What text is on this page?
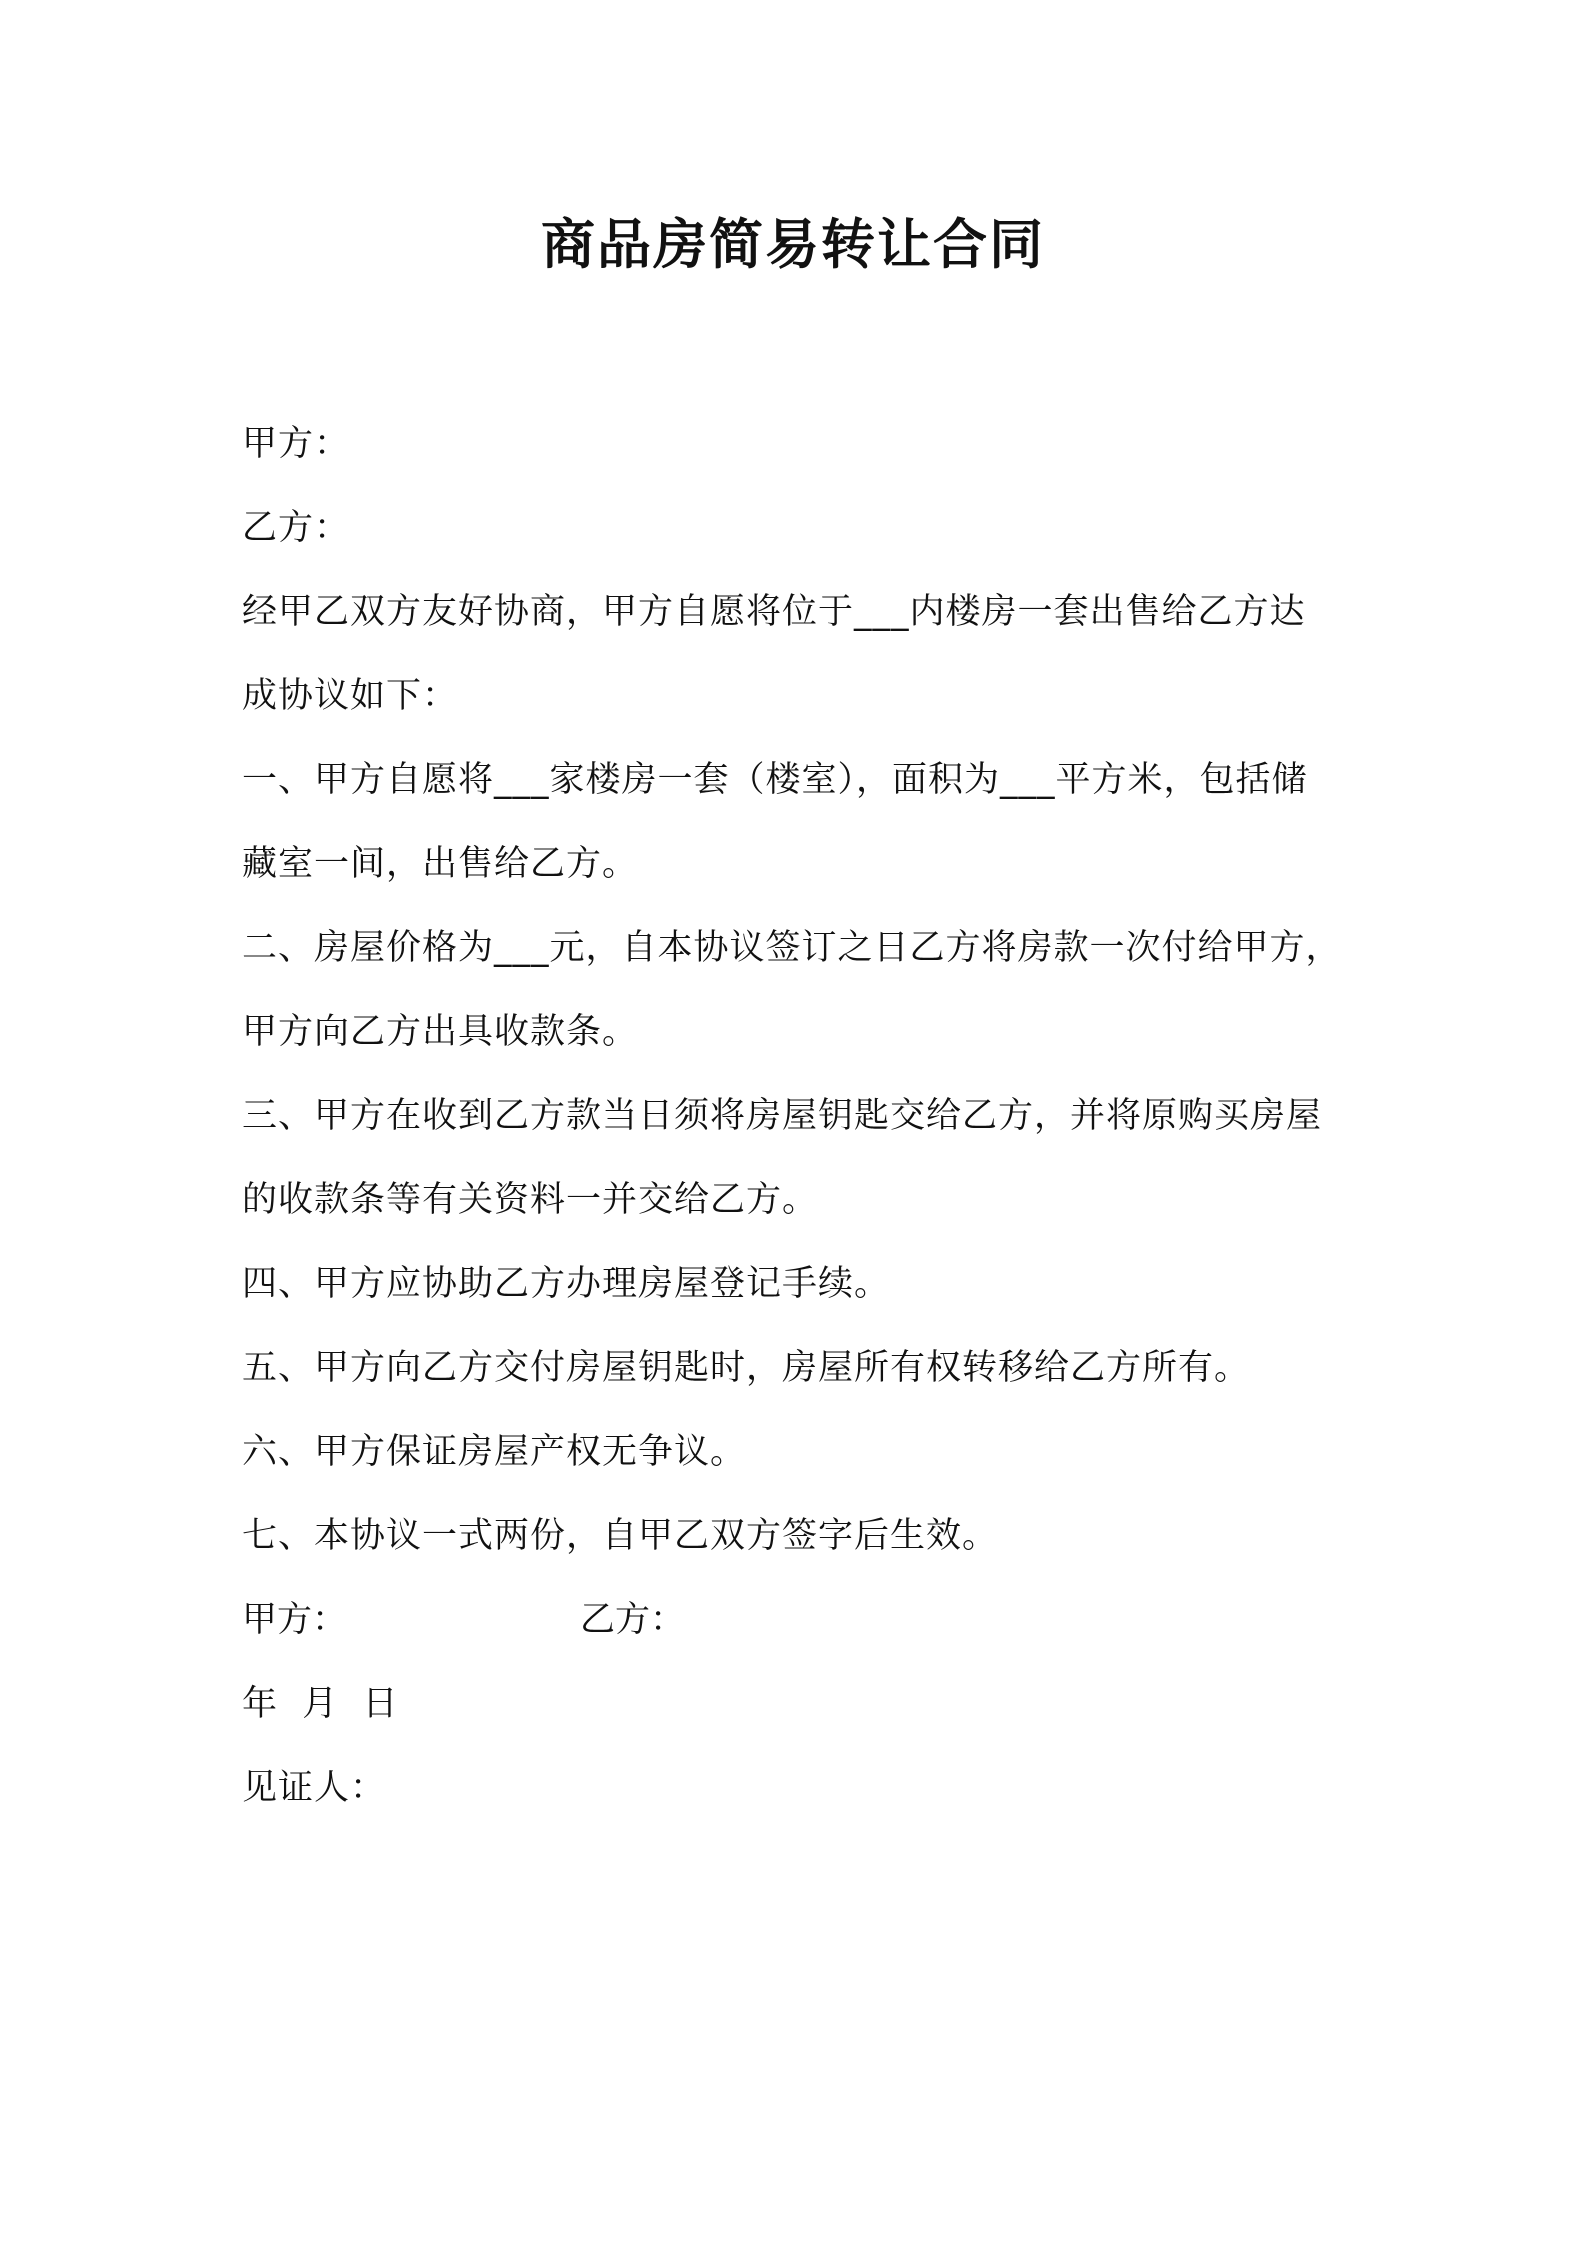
商品房简易转让合同
甲方：
乙方：
经甲乙双方友好协商，甲方自愿将位于___内楼房一套出售给乙方达
成协议如下：
一、甲方自愿将___家楼房一套（楼室），面积为___平方米，包括储
藏室一间，出售给乙方。
二、房屋价格为___元，自本协议签订之日乙方将房款一次付给甲方，
甲方向乙方出具收款条。
三、甲方在收到乙方款当日须将房屋钥匙交给乙方，并将原购买房屋
的收款条等有关资料一并交给乙方。
四、甲方应协助乙方办理房屋登记手续。
五、甲方向乙方交付房屋钥匙时，房屋所有权转移给乙方所有。
六、甲方保证房屋产权无争议。
七、本协议一式两份，自甲乙双方签字后生效。
甲方：	乙方：
年  月  日
见证人：
